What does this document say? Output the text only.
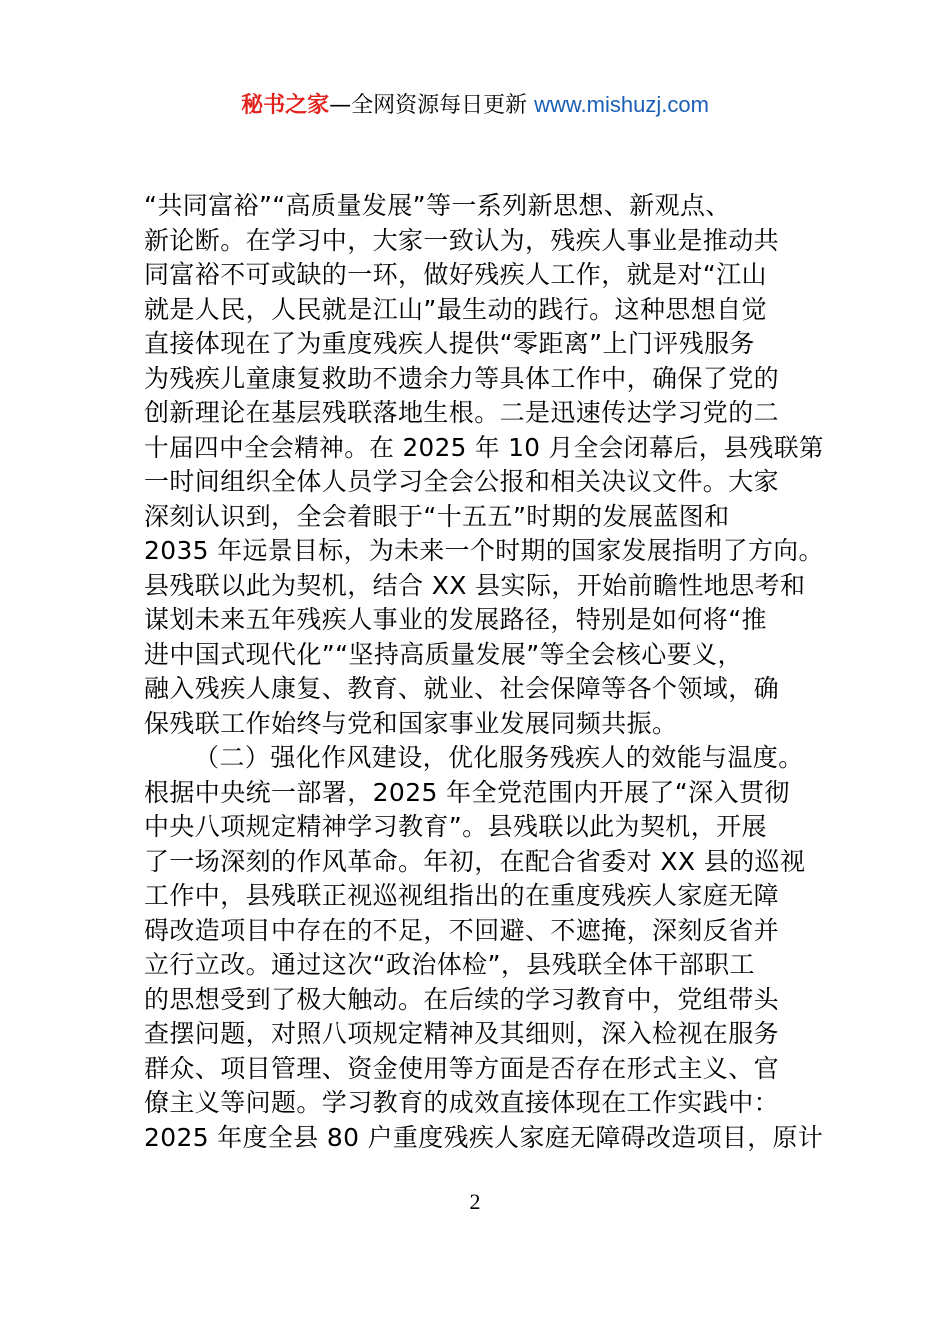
秘书之家—全网资源每日更新 www.mishuzj.com
“共同富裕”“高质量发展”等一系列新思想、新观点、
新论断。在学习中，大家一致认为，残疾人事业是推动共
同富裕不可或缺的一环，做好残疾人工作，就是对“江山
就是人民，人民就是江山”最生动的践行。这种思想自觉
直接体现在了为重度残疾人提供“零距离”上门评残服务
为残疾儿童康复救助不遗余力等具体工作中，确保了党的
创新理论在基层残联落地生根。二是迅速传达学习党的二
十届四中全会精神。在 2025 年 10 月全会闭幕后，县残联第
一时间组织全体人员学习全会公报和相关决议文件。大家
深刻认识到，全会着眼于“十五五”时期的发展蓝图和
2035 年远景目标，为未来一个时期的国家发展指明了方向。
县残联以此为契机，结合 XX 县实际，开始前瞻性地思考和
谋划未来五年残疾人事业的发展路径，特别是如何将“推
进中国式现代化”“坚持高质量发展”等全会核心要义，
融入残疾人康复、教育、就业、社会保障等各个领域，确
保残联工作始终与党和国家事业发展同频共振。
（二）强化作风建设，优化服务残疾人的效能与温度。
根据中央统一部署，2025 年全党范围内开展了“深入贯彻
中央八项规定精神学习教育”。县残联以此为契机，开展
了一场深刻的作风革命。年初，在配合省委对 XX 县的巡视
工作中，县残联正视巡视组指出的在重度残疾人家庭无障
碍改造项目中存在的不足，不回避、不遮掩，深刻反省并
立行立改。通过这次“政治体检”，县残联全体干部职工
的思想受到了极大触动。在后续的学习教育中，党组带头
查摆问题，对照八项规定精神及其细则，深入检视在服务
群众、项目管理、资金使用等方面是否存在形式主义、官
僚主义等问题。学习教育的成效直接体现在工作实践中：
2025 年度全县 80 户重度残疾人家庭无障碍改造项目，原计
2
